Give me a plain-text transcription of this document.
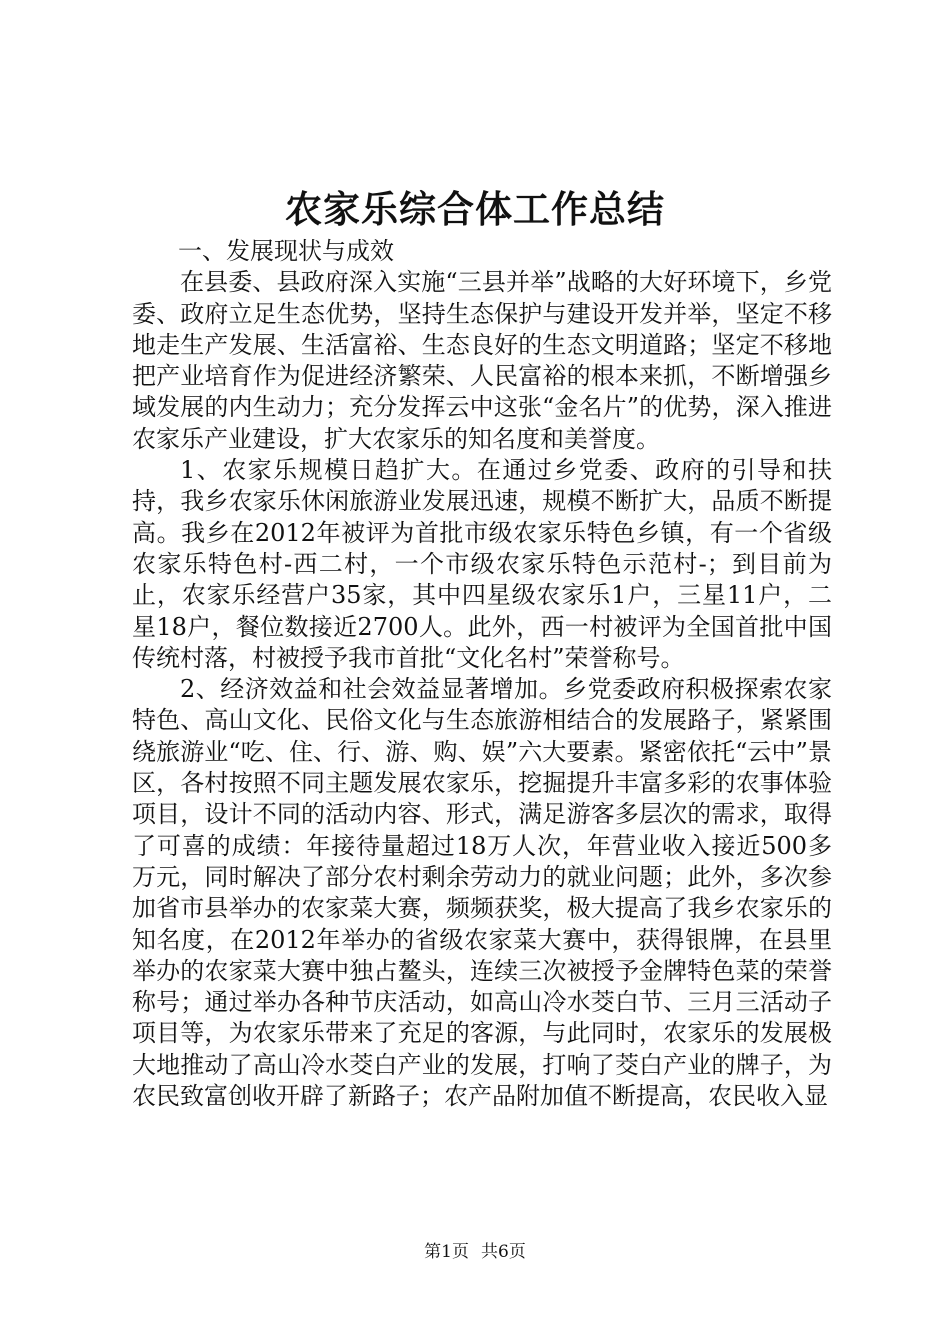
农家乐综合体工作总结

一、发展现状与成效

在县委、县政府深入实施“三县并举”战略的大好环境下，乡党委、政府立足生态优势，坚持生态保护与建设开发并举，坚定不移地走生产发展、生活富裕、生态良好的生态文明道路；坚定不移地把产业培育作为促进经济繁荣、人民富裕的根本来抓，不断增强乡域发展的内生动力；充分发挥云中这张“金名片”的优势，深入推进农家乐产业建设，扩大农家乐的知名度和美誉度。

1、农家乐规模日趋扩大。在通过乡党委、政府的引导和扶持，我乡农家乐休闲旅游业发展迅速，规模不断扩大，品质不断提高。我乡在2012年被评为首批市级农家乐特色乡镇，有一个省级农家乐特色村-西二村，一个市级农家乐特色示范村-；到目前为止，农家乐经营户35家，其中四星级农家乐1户，三星11户，二星18户，餐位数接近2700人。此外，西一村被评为全国首批中国传统村落，村被授予我市首批“文化名村”荣誉称号。

2、经济效益和社会效益显著增加。乡党委政府积极探索农家特色、高山文化、民俗文化与生态旅游相结合的发展路子，紧紧围绕旅游业“吃、住、行、游、购、娱”六大要素。紧密依托“云中”景区，各村按照不同主题发展农家乐，挖掘提升丰富多彩的农事体验项目，设计不同的活动内容、形式，满足游客多层次的需求，取得了可喜的成绩：年接待量超过18万人次，年营业收入接近500多万元，同时解决了部分农村剩余劳动力的就业问题；此外，多次参加省市县举办的农家菜大赛，频频获奖，极大提高了我乡农家乐的知名度，在2012年举办的省级农家菜大赛中，获得银牌，在县里举办的农家菜大赛中独占鳌头，连续三次被授予金牌特色菜的荣誉称号；通过举办各种节庆活动，如高山冷水茭白节、三月三活动子项目等，为农家乐带来了充足的客源，与此同时，农家乐的发展极大地推动了高山冷水茭白产业的发展，打响了茭白产业的牌子，为农民致富创收开辟了新路子；农产品附加值不断提高，农民收入显

第1页 共6页
